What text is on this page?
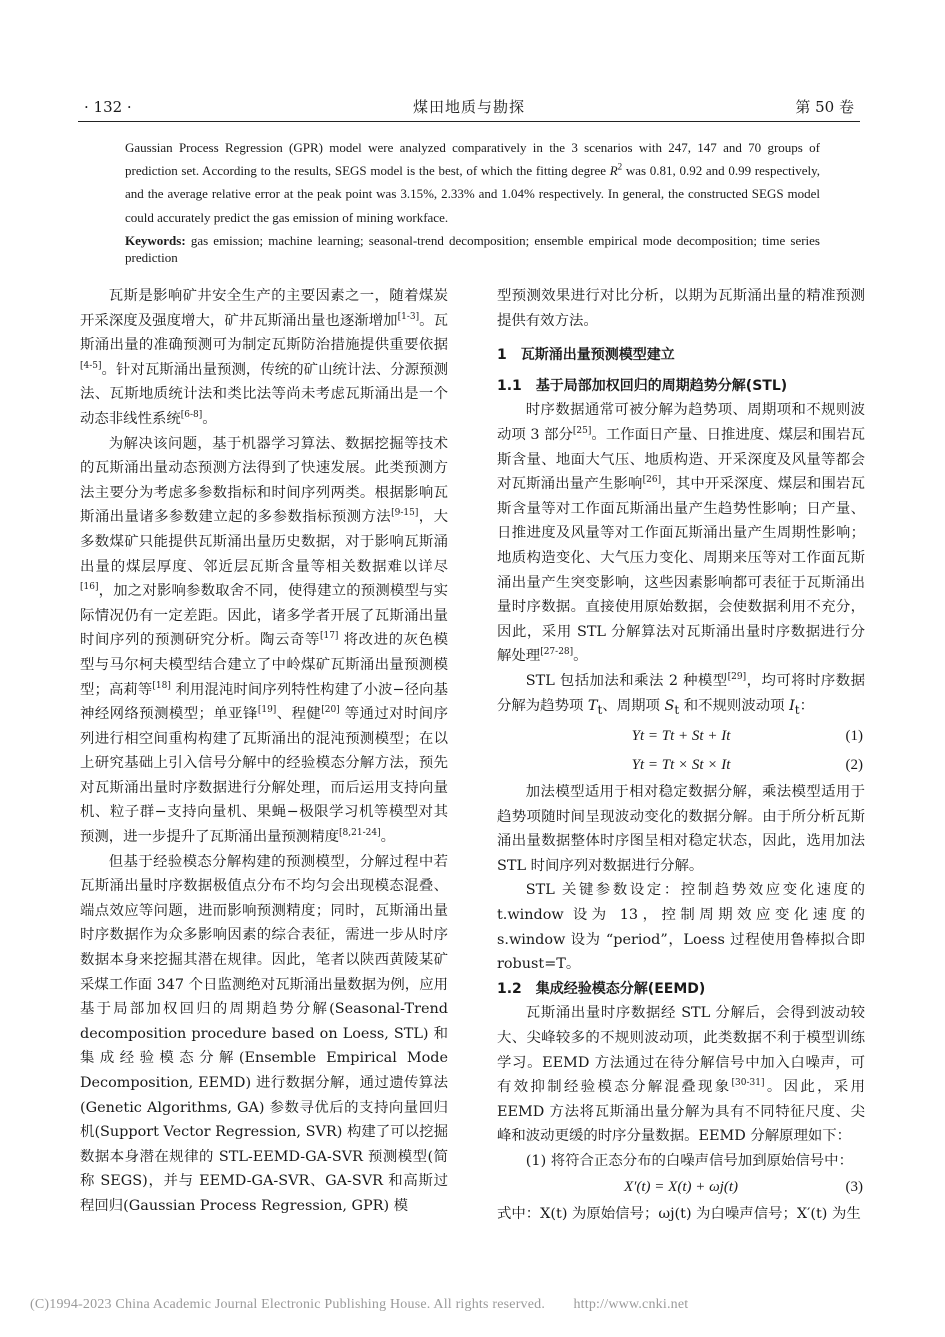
煤田地质与勘探
· 132 ·	第 50 卷

Gaussian Process Regression (GPR) model were analyzed comparatively in the 3 scenarios with 247, 147 and 70 groups of prediction set. According to the results, SEGS model is the best, of which the fitting degree $R^2$ was 0.81, 0.92 and 0.99 respectively, and the average relative error at the peak point was 3.15%, 2.33% and 1.04% respectively. In general, the constructed SEGS model could accurately predict the gas emission of mining workface.

Keywords: gas emission; machine learning; seasonal-trend decomposition; ensemble empirical mode decomposition; time series prediction

瓦斯是影响矿井安全生产的主要因素之一，随着煤炭开采深度及强度增大，矿井瓦斯涌出量也逐渐增加[1-3]。瓦斯涌出量的准确预测可为制定瓦斯防治措施提供重要依据[4-5]。针对瓦斯涌出量预测，传统的矿山统计法、分源预测法、瓦斯地质统计法和类比法等尚未考虑瓦斯涌出是一个动态非线性系统[6-8]。

为解决该问题，基于机器学习算法、数据挖掘等技术的瓦斯涌出量动态预测方法得到了快速发展。此类预测方法主要分为考虑多参数指标和时间序列两类。根据影响瓦斯涌出量诸多参数建立起的多参数指标预测方法[9-15]，大多数煤矿只能提供瓦斯涌出量历史数据，对于影响瓦斯涌出量的煤层厚度、邻近层瓦斯含量等相关数据难以详尽[16]，加之对影响参数取舍不同，使得建立的预测模型与实际情况仍有一定差距。因此，诸多学者开展了瓦斯涌出量时间序列的预测研究分析。陶云奇等[17] 将改进的灰色模型与马尔柯夫模型结合建立了中岭煤矿瓦斯涌出量预测模型；高莉等[18] 利用混沌时间序列特性构建了小波−径向基神经网络预测模型；单亚锋[19]、程健[20] 等通过对时间序列进行相空间重构构建了瓦斯涌出的混沌预测模型；在以上研究基础上引入信号分解中的经验模态分解方法，预先对瓦斯涌出量时序数据进行分解处理，而后运用支持向量机、粒子群−支持向量机、果蝇−极限学习机等模型对其预测，进一步提升了瓦斯涌出量预测精度[8,21-24]。

但基于经验模态分解构建的预测模型，分解过程中若瓦斯涌出量时序数据极值点分布不均匀会出现模态混叠、端点效应等问题，进而影响预测精度；同时，瓦斯涌出量时序数据作为众多影响因素的综合表征，需进一步从时序数据本身来挖掘其潜在规律。因此，笔者以陕西黄陵某矿采煤工作面 347 个日监测绝对瓦斯涌出量数据为例，应用基于局部加权回归的周期趋势分解(Seasonal-Trend decomposition procedure based on Loess, STL) 和集成经验模态分解(Ensemble Empirical Mode Decomposition, EEMD) 进行数据分解，通过遗传算法(Genetic Algorithms, GA) 参数寻优后的支持向量回归机(Support Vector Regression, SVR) 构建了可以挖掘数据本身潜在规律的 STL-EEMD-GA-SVR 预测模型(简称 SEGS)，并与 EEMD-GA-SVR、GA-SVR 和高斯过程回归(Gaussian Process Regression, GPR) 模

型预测效果进行对比分析，以期为瓦斯涌出量的精准预测提供有效方法。

1　瓦斯涌出量预测模型建立
1.1　基于局部加权回归的周期趋势分解(STL)

时序数据通常可被分解为趋势项、周期项和不规则波动项 3 部分[25]。工作面日产量、日推进度、煤层和围岩瓦斯含量、地面大气压、地质构造、开采深度及风量等都会对瓦斯涌出量产生影响[26]，其中开采深度、煤层和围岩瓦斯含量等对工作面瓦斯涌出量产生趋势性影响；日产量、日推进度及风量等对工作面瓦斯涌出量产生周期性影响；地质构造变化、大气压力变化、周期来压等对工作面瓦斯涌出量产生突变影响，这些因素影响都可表征于瓦斯涌出量时序数据。直接使用原始数据，会使数据利用不充分，因此，采用 STL 分解算法对瓦斯涌出量时序数据进行分解处理[27-28]。

STL 包括加法和乘法 2 种模型[29]，均可将时序数据分解为趋势项 $T_t$、周期项 $S_t$ 和不规则波动项 $I_t$：

Yt = Tt + St + It	(1)
Yt = Tt × St × It	(2)

加法模型适用于相对稳定数据分解，乘法模型适用于趋势项随时间呈现波动变化的数据分解。由于所分析瓦斯涌出量数据整体时序图呈相对稳定状态，因此，选用加法 STL 时间序列对数据进行分解。

STL 关键参数设定：控制趋势效应变化速度的 t.window 设为 13，控制周期效应变化速度的 s.window 设为 “period”，Loess 过程使用鲁棒拟合即 robust=T。

1.2　集成经验模态分解(EEMD)

瓦斯涌出量时序数据经 STL 分解后，会得到波动较大、尖峰较多的不规则波动项，此类数据不利于模型训练学习。EEMD 方法通过在待分解信号中加入白噪声，可有效抑制经验模态分解混叠现象[30-31]。因此，采用 EEMD 方法将瓦斯涌出量分解为具有不同特征尺度、尖峰和波动更缓的时序分量数据。EEMD 分解原理如下：

(1) 将符合正态分布的白噪声信号加到原始信号中：

X′(t) = X(t) + ωj(t)	(3)

式中：X(t) 为原始信号；ωj(t) 为白噪声信号；X′(t) 为生

(C)1994-2023 China Academic Journal Electronic Publishing House. All rights reserved.　　http://www.cnki.net
